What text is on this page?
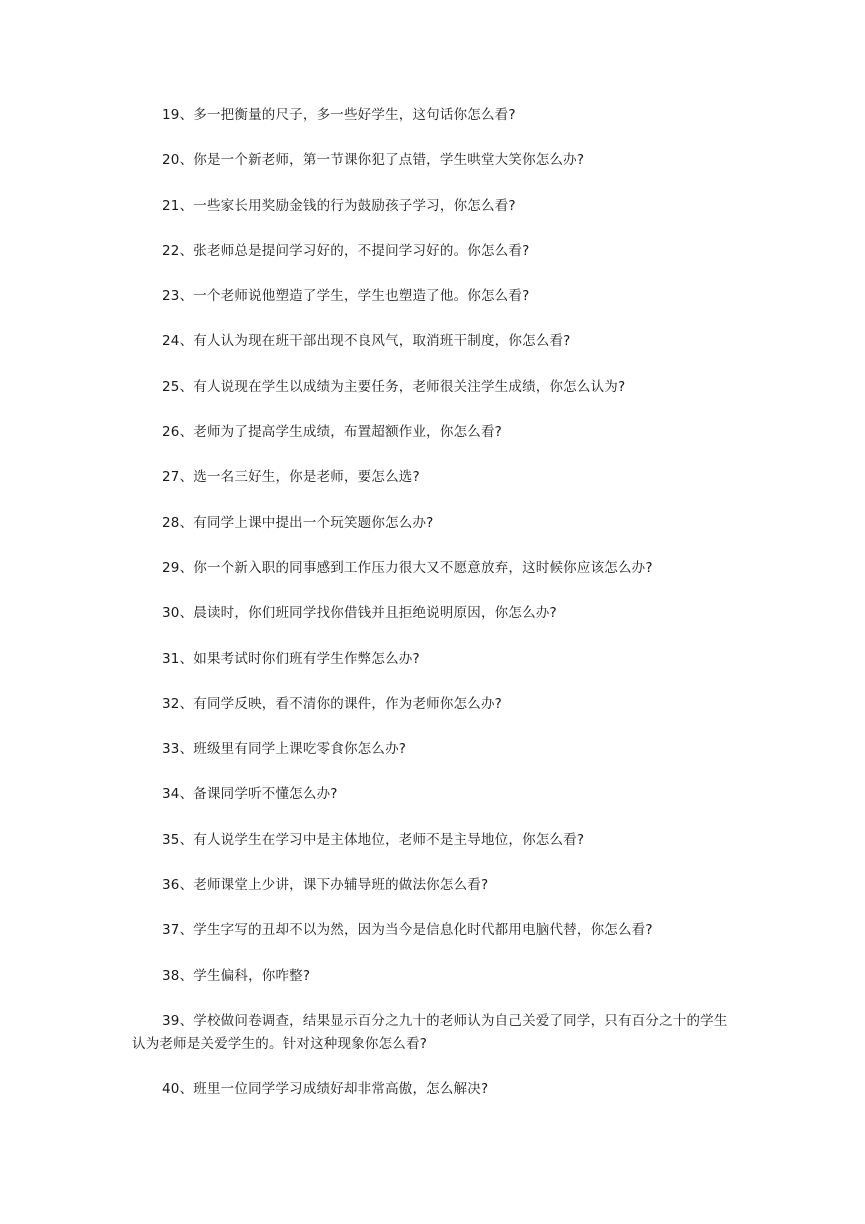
19、多一把衡量的尺子，多一些好学生，这句话你怎么看?

20、你是一个新老师，第一节课你犯了点错，学生哄堂大笑你怎么办?

21、一些家长用奖励金钱的行为鼓励孩子学习，你怎么看?

22、张老师总是提问学习好的，不提问学习好的。你怎么看?

23、一个老师说他塑造了学生，学生也塑造了他。你怎么看?

24、有人认为现在班干部出现不良风气，取消班干制度，你怎么看?

25、有人说现在学生以成绩为主要任务，老师很关注学生成绩，你怎么认为?

26、老师为了提高学生成绩，布置超额作业，你怎么看?

27、选一名三好生，你是老师，要怎么选?

28、有同学上课中提出一个玩笑题你怎么办?

29、你一个新入职的同事感到工作压力很大又不愿意放弃，这时候你应该怎么办?

30、晨读时，你们班同学找你借钱并且拒绝说明原因，你怎么办?

31、如果考试时你们班有学生作弊怎么办?

32、有同学反映，看不清你的课件，作为老师你怎么办?

33、班级里有同学上课吃零食你怎么办?

34、备课同学听不懂怎么办?

35、有人说学生在学习中是主体地位，老师不是主导地位，你怎么看?

36、老师课堂上少讲，课下办辅导班的做法你怎么看?

37、学生字写的丑却不以为然，因为当今是信息化时代都用电脑代替，你怎么看?

38、学生偏科，你咋整?

39、学校做问卷调查，结果显示百分之九十的老师认为自己关爱了同学，只有百分之十的学生认为老师是关爱学生的。针对这种现象你怎么看?

40、班里一位同学学习成绩好却非常高傲，怎么解决?
